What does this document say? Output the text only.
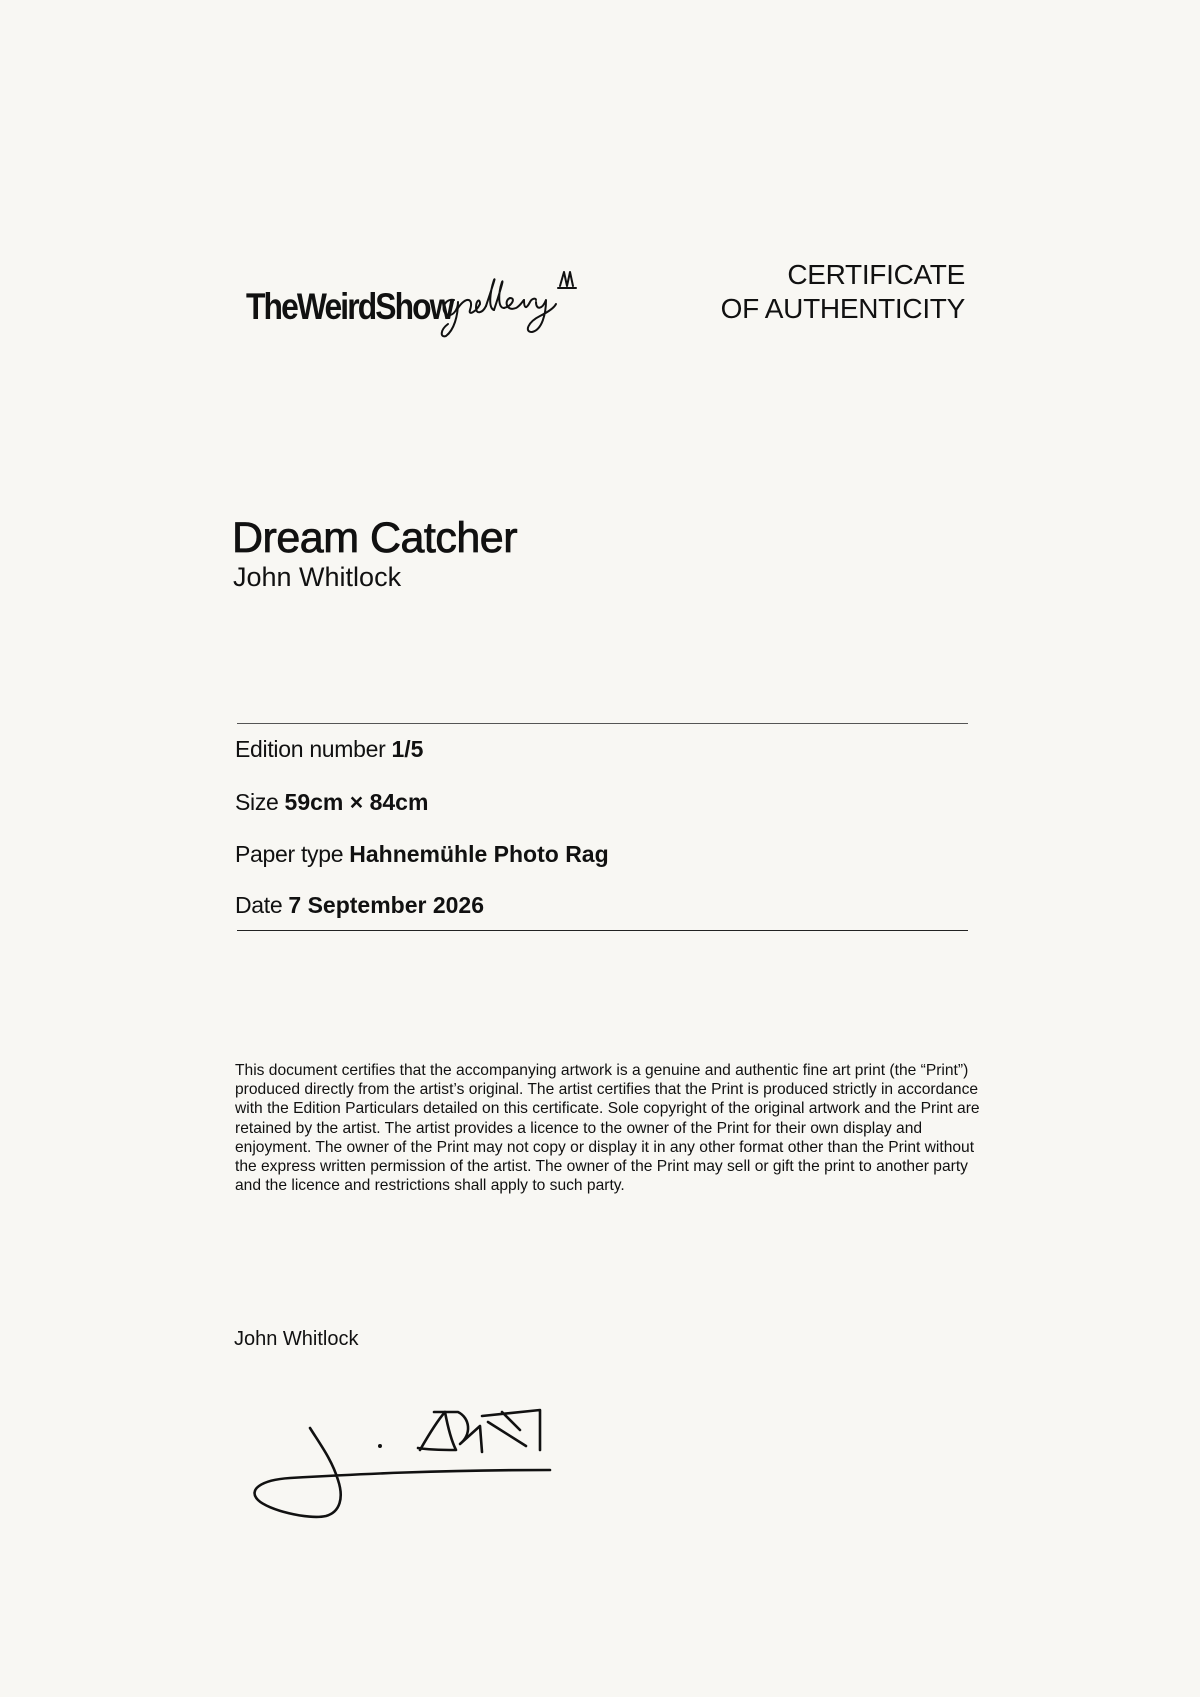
TheWeirdShow
CERTIFICATE
OF AUTHENTICITY
Dream Catcher
John Whitlock
Edition number 1/5
Size 59cm × 84cm
Paper type Hahnemühle Photo Rag
Date 7 September 2026

This document certifies that the accompanying artwork is a genuine and authentic fine art print (the “Print”) produced directly from the artist’s original. The artist certifies that the Print is produced strictly in accordance with the Edition Particulars detailed on this certificate. Sole copyright of the original artwork and the Print are retained by the artist. The artist provides a licence to the owner of the Print for their own display and enjoyment. The owner of the Print may not copy or display it in any other format other than the Print without the express written permission of the artist. The owner of the Print may sell or gift the print to another party and the licence and restrictions shall apply to such party.

John Whitlock
